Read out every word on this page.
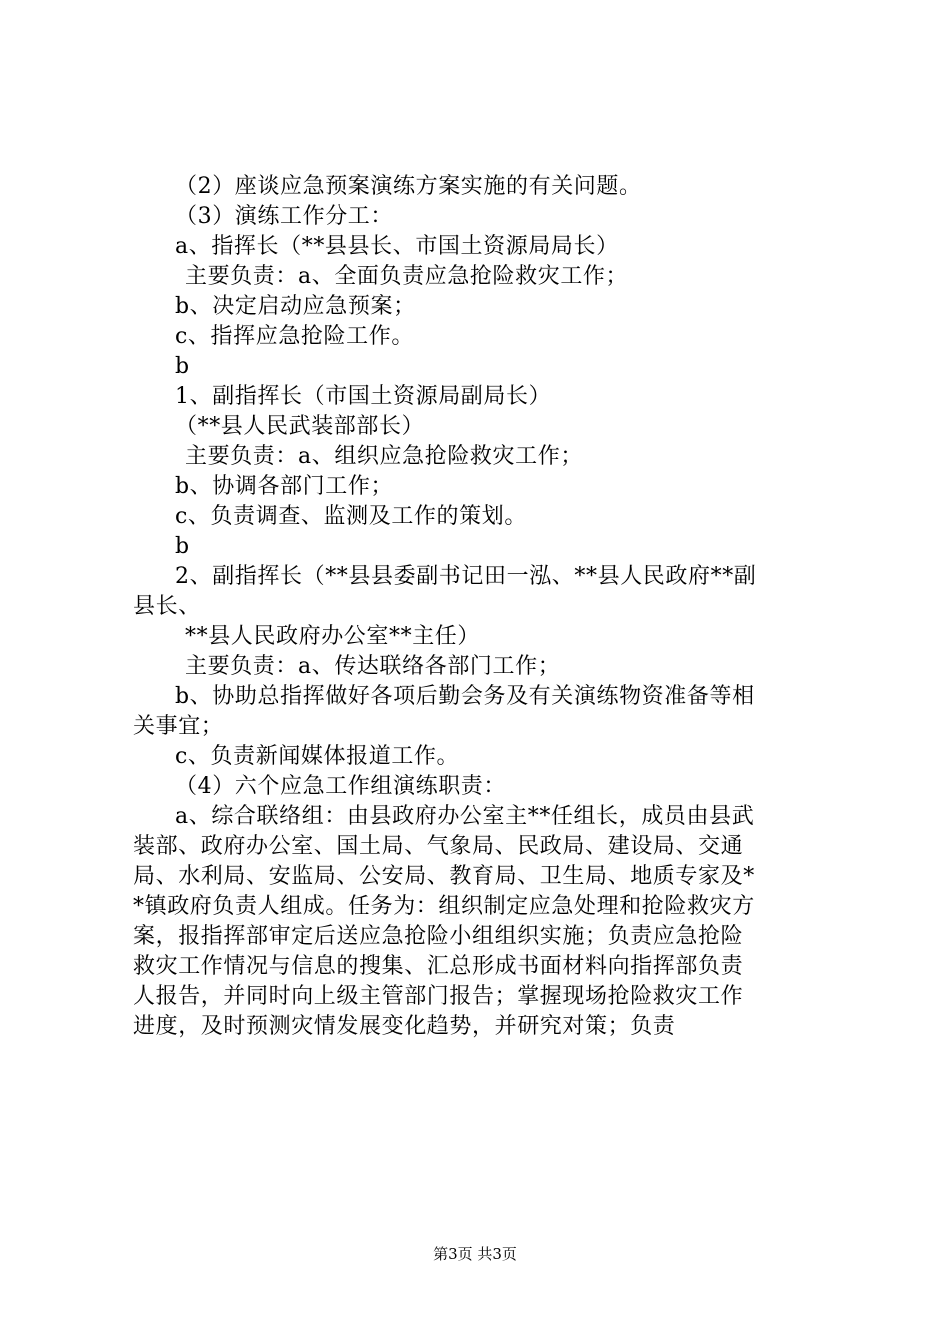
（2）座谈应急预案演练方案实施的有关问题。
（3）演练工作分工：
a、指挥长（**县县长、市国土资源局局长）
主要负责：a、全面负责应急抢险救灾工作；
b、决定启动应急预案；
c、指挥应急抢险工作。
b
1、副指挥长（市国土资源局副局长）
（**县人民武装部部长）
主要负责：a、组织应急抢险救灾工作；
b、协调各部门工作；
c、负责调查、监测及工作的策划。
b
2、副指挥长（**县县委副书记田一泓、**县人民政府**副
县长、
**县人民政府办公室**主任）
主要负责：a、传达联络各部门工作；
b、协助总指挥做好各项后勤会务及有关演练物资准备等相
关事宜；
c、负责新闻媒体报道工作。
（4）六个应急工作组演练职责：
a、综合联络组：由县政府办公室主**任组长，成员由县武
装部、政府办公室、国土局、气象局、民政局、建设局、交通
局、水利局、安监局、公安局、教育局、卫生局、地质专家及*
*镇政府负责人组成。任务为：组织制定应急处理和抢险救灾方
案，报指挥部审定后送应急抢险小组组织实施；负责应急抢险
救灾工作情况与信息的搜集、汇总形成书面材料向指挥部负责
人报告，并同时向上级主管部门报告；掌握现场抢险救灾工作
进度，及时预测灾情发展变化趋势，并研究对策；负责
第3页 共3页
